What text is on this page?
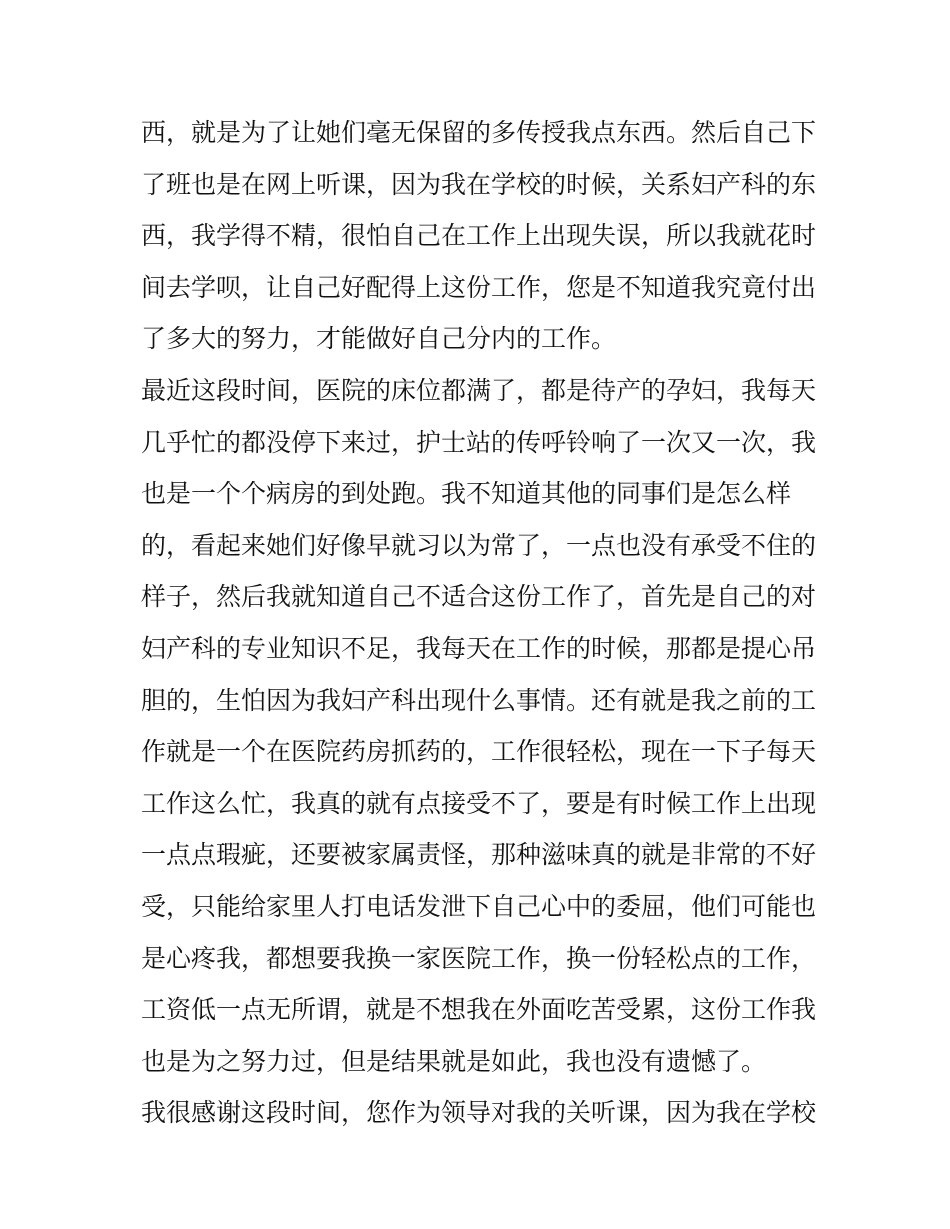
西，就是为了让她们毫无保留的多传授我点东西。然后自己下
了班也是在网上听课，因为我在学校的时候，关系妇产科的东
西，我学得不精，很怕自己在工作上出现失误，所以我就花时
间去学呗，让自己好配得上这份工作，您是不知道我究竟付出
了多大的努力，才能做好自己分内的工作。
最近这段时间，医院的床位都满了，都是待产的孕妇，我每天
几乎忙的都没停下来过，护士站的传呼铃响了一次又一次，我
也是一个个病房的到处跑。我不知道其他的同事们是怎么样
的，看起来她们好像早就习以为常了，一点也没有承受不住的
样子，然后我就知道自己不适合这份工作了，首先是自己的对
妇产科的专业知识不足，我每天在工作的时候，那都是提心吊
胆的，生怕因为我妇产科出现什么事情。还有就是我之前的工
作就是一个在医院药房抓药的，工作很轻松，现在一下子每天
工作这么忙，我真的就有点接受不了，要是有时候工作上出现
一点点瑕疵，还要被家属责怪，那种滋味真的就是非常的不好
受，只能给家里人打电话发泄下自己心中的委屈，他们可能也
是心疼我，都想要我换一家医院工作，换一份轻松点的工作，
工资低一点无所谓，就是不想我在外面吃苦受累，这份工作我
也是为之努力过，但是结果就是如此，我也没有遗憾了。
我很感谢这段时间，您作为领导对我的关听课，因为我在学校
